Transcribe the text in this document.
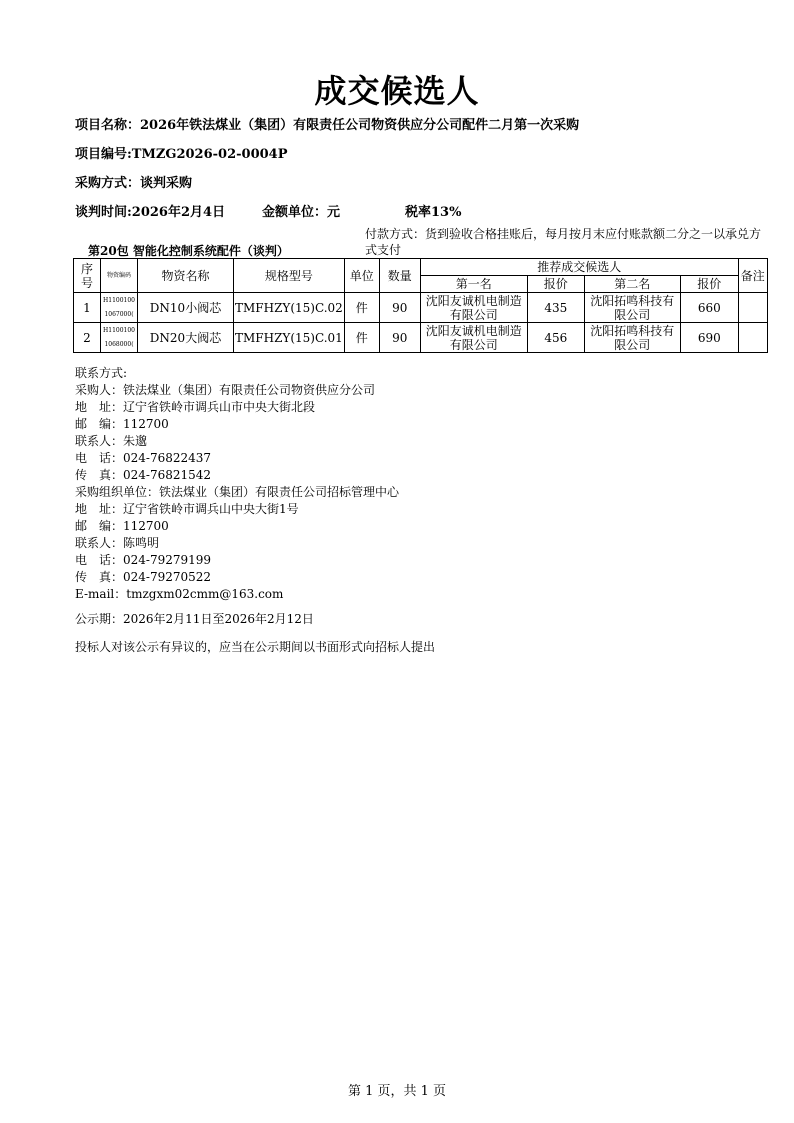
成交候选人
项目名称：2026年铁法煤业（集团）有限责任公司物资供应分公司配件二月第一次采购
项目编号:TMZG2026-02-0004P
采购方式：谈判采购
谈判时间:2026年2月4日	金额单位：元	税率13%
第20包 智能化控制系统配件（谈判）
付款方式：货到验收合格挂账后，每月按月末应付账款额二分之一以承兑方式支付
序号	物资编码	物资名称	规格型号	单位	数量	推荐成交候选人				备注
						第一名	报价	第二名	报价	
1	H11001001067000(	DN10小阀芯	TMFHZY(15)C.02	件	90	沈阳友诚机电制造有限公司	435	沈阳拓鸣科技有限公司	660	
2	H11001001068000(	DN20大阀芯	TMFHZY(15)C.01	件	90	沈阳友诚机电制造有限公司	456	沈阳拓鸣科技有限公司	690	
联系方式:
采购人：铁法煤业（集团）有限责任公司物资供应分公司
地　址：辽宁省铁岭市调兵山市中央大街北段
邮　编：112700
联系人：朱邈
电　话：024-76822437
传　真：024-76821542
采购组织单位：铁法煤业（集团）有限责任公司招标管理中心
地　址：辽宁省铁岭市调兵山中央大街1号
邮　编：112700
联系人：陈鸣明
电　话：024-79279199
传　真：024-79270522
E-mail：tmzgxm02cmm@163.com
公示期：2026年2月11日至2026年2月12日
投标人对该公示有异议的，应当在公示期间以书面形式向招标人提出
第 1 页，共 1 页
